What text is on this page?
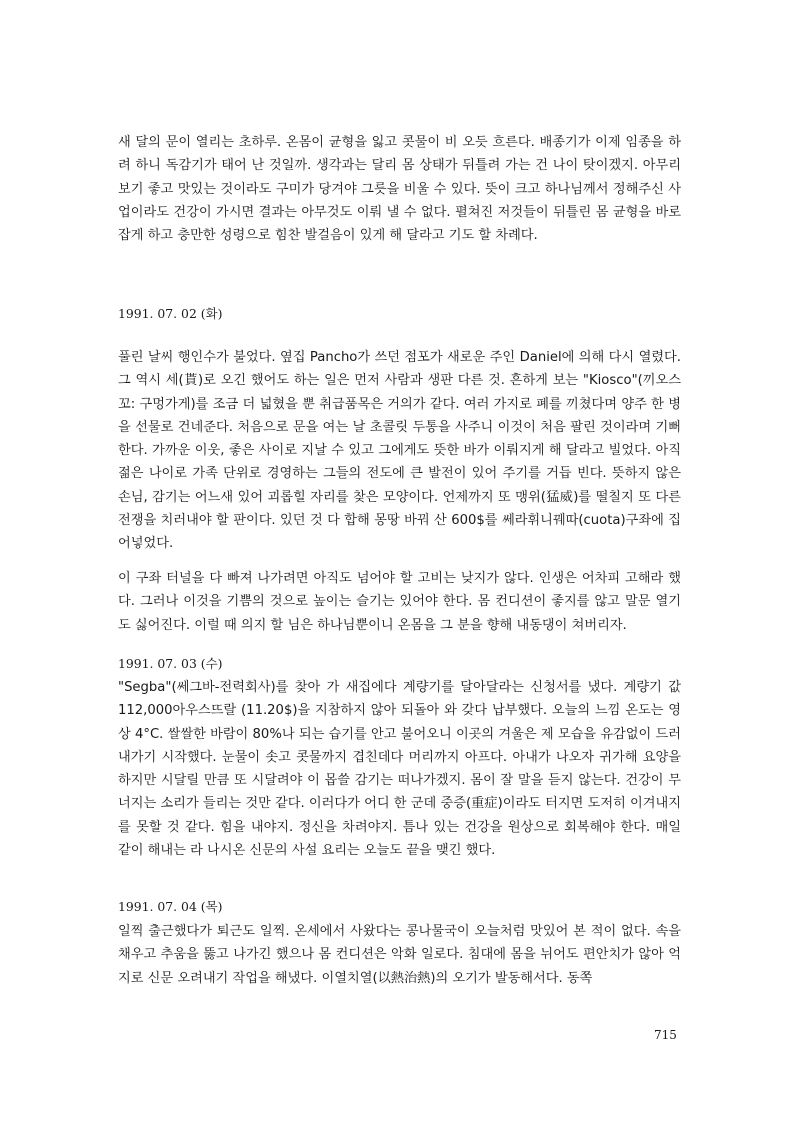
새 달의 문이 열리는 초하루. 온몸이 균형을 잃고 콧물이 비 오듯 흐른다. 배종기가 이제 임종을 하려 하니 독감기가 태어 난 것일까. 생각과는 달리 몸 상태가 뒤틀려 가는 건 나이 탓이겠지. 아무리 보기 좋고 맛있는 것이라도 구미가 당겨야 그릇을 비울 수 있다. 뜻이 크고 하나님께서 정해주신 사업이라도 건강이 가시면 결과는 아무것도 이뤄 낼 수 없다. 펼쳐진 저것들이 뒤틀린 몸 균형을 바로 잡게 하고 충만한 성령으로 힘찬 발걸음이 있게 해 달라고 기도 할 차례다.

1991. 07. 02 (화)

풀린 날씨 행인수가 불었다. 옆집 Pancho가 쓰던 점포가 새로운 주인 Daniel에 의해 다시 열렸다. 그 역시 세(貰)로 오긴 했어도 하는 일은 먼저 사람과 생판 다른 것. 흔하게 보는 "Kiosco"(끼오스꼬: 구멍가게)를 조금 더 넓혔을 뿐 취급품목은 거의가 같다. 여러 가지로 폐를 끼쳤다며 양주 한 병을 선물로 건네준다. 처음으로 문을 여는 날 초콜릿 두통을 사주니 이것이 처음 팔린 것이라며 기뻐한다. 가까운 이웃, 좋은 사이로 지날 수 있고 그에게도 뜻한 바가 이뤄지게 해 달라고 빌었다. 아직 젊은 나이로 가족 단위로 경영하는 그들의 전도에 큰 발전이 있어 주기를 거듭 빈다. 뜻하지 않은 손님, 감기는 어느새 있어 괴롭힐 자리를 찾은 모양이다. 언제까지 또 맹위(猛威)를 떨칠지 또 다른 전쟁을 치러내야 할 판이다. 있던 것 다 합해 몽땅 바꿔 산 600$를 쎄라휘니꿰따(cuota)구좌에 집어넣었다.

이 구좌 터널을 다 빠져 나가려면 아직도 넘어야 할 고비는 낮지가 않다. 인생은 어차피 고해라 했다. 그러나 이것을 기쁨의 것으로 높이는 슬기는 있어야 한다. 몸 컨디션이 좋지를 않고 말문 열기도 싫어진다. 이럴 때 의지 할 님은 하나님뿐이니 온몸을 그 분을 향해 내동댕이 쳐버리자.

1991. 07. 03 (수)

"Segba"(쎄그바-전력회사)를 찾아 가 새집에다 계량기를 달아달라는 신청서를 냈다. 계량기 값 112,000아우스뜨랄 (11.20$)을 지참하지 않아 되돌아 와 갖다 납부했다. 오늘의 느낌 온도는 영상 4°C. 쌀쌀한 바람이 80%나 되는 습기를 안고 불어오니 이곳의 겨울은 제 모습을 유감없이 드러내가기 시작했다. 눈물이 솟고 콧물까지 겹친데다 머리까지 아프다. 아내가 나오자 귀가해 요양을 하지만 시달릴 만큼 또 시달려야 이 몹쓸 감기는 떠나가겠지. 몸이 잘 말을 듣지 않는다. 건강이 무너지는 소리가 들리는 것만 같다. 이러다가 어디 한 군데 중증(重症)이라도 터지면 도저히 이겨내지를 못할 것 같다. 힘을 내야지. 정신을 차려야지. 틈나 있는 건강을 원상으로 회복해야 한다. 매일 같이 해내는 라 나시온 신문의 사설 요리는 오늘도 끝을 맺긴 했다.

1991. 07. 04 (목)

일찍 출근했다가 퇴근도 일찍. 온세에서 사왔다는 콩나물국이 오늘처럼 맛있어 본 적이 없다. 속을 채우고 추움을 뚫고 나가긴 했으나 몸 컨디션은 악화 일로다. 침대에 몸을 뉘어도 편안치가 않아 억지로 신문 오려내기 작업을 해냈다. 이열치열(以熱治熱)의 오기가 발동해서다. 동쪽

715
